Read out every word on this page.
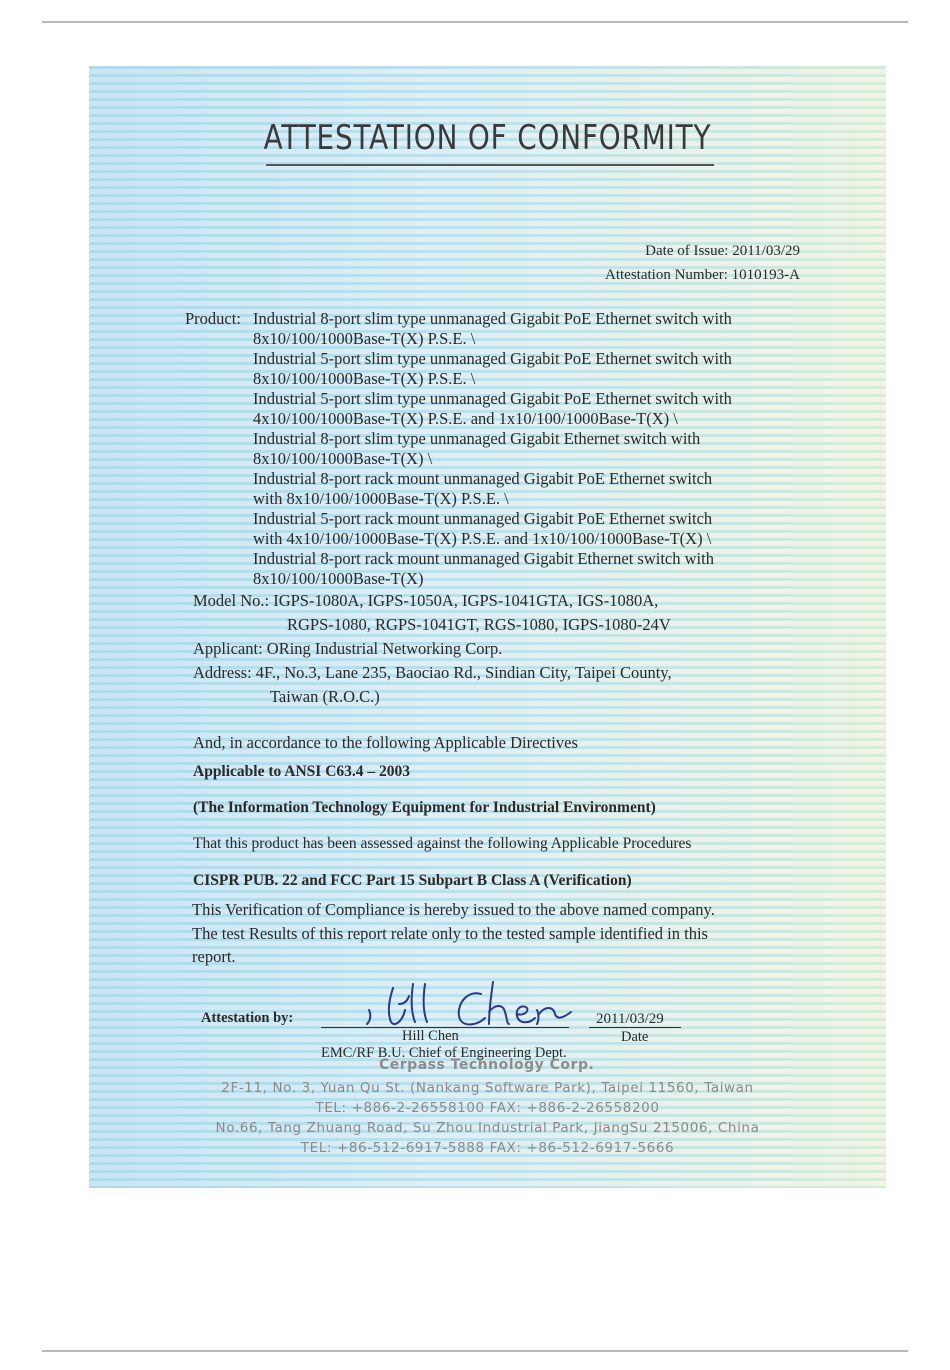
ATTESTATION OF CONFORMITY
Date of Issue: 2011/03/29
Attestation Number: 1010193-A
Product: Industrial 8-port slim type unmanaged Gigabit PoE Ethernet switch with
8x10/100/1000Base-T(X) P.S.E. \
Industrial 5-port slim type unmanaged Gigabit PoE Ethernet switch with
8x10/100/1000Base-T(X) P.S.E. \
Industrial 5-port slim type unmanaged Gigabit PoE Ethernet switch with
4x10/100/1000Base-T(X) P.S.E. and 1x10/100/1000Base-T(X) \
Industrial 8-port slim type unmanaged Gigabit Ethernet switch with
8x10/100/1000Base-T(X) \
Industrial 8-port rack mount unmanaged Gigabit PoE Ethernet switch
with 8x10/100/1000Base-T(X) P.S.E. \
Industrial 5-port rack mount unmanaged Gigabit PoE Ethernet switch
with 4x10/100/1000Base-T(X) P.S.E. and 1x10/100/1000Base-T(X) \
Industrial 8-port rack mount unmanaged Gigabit Ethernet switch with
8x10/100/1000Base-T(X)
Model No.: IGPS-1080A, IGPS-1050A, IGPS-1041GTA, IGS-1080A,
RGPS-1080, RGPS-1041GT, RGS-1080, IGPS-1080-24V
Applicant: ORing Industrial Networking Corp.
Address: 4F., No.3, Lane 235, Baociao Rd., Sindian City, Taipei County,
Taiwan (R.O.C.)
And, in accordance to the following Applicable Directives
Applicable to ANSI C63.4 – 2003
(The Information Technology Equipment for Industrial Environment)
That this product has been assessed against the following Applicable Procedures
CISPR PUB. 22 and FCC Part 15 Subpart B Class A (Verification)
This Verification of Compliance is hereby issued to the above named company.
The test Results of this report relate only to the tested sample identified in this
report.
Attestation by:
Hill Chen
EMC/RF B.U. Chief of Engineering Dept.
2011/03/29
Date
Cerpass Technology Corp.
2F-11, No. 3, Yuan Qu St. (Nankang Software Park), Taipei 11560, Taiwan
TEL: +886-2-26558100 FAX: +886-2-26558200
No.66, Tang Zhuang Road, Su Zhou Industrial Park, JiangSu 215006, China
TEL: +86-512-6917-5888 FAX: +86-512-6917-5666
